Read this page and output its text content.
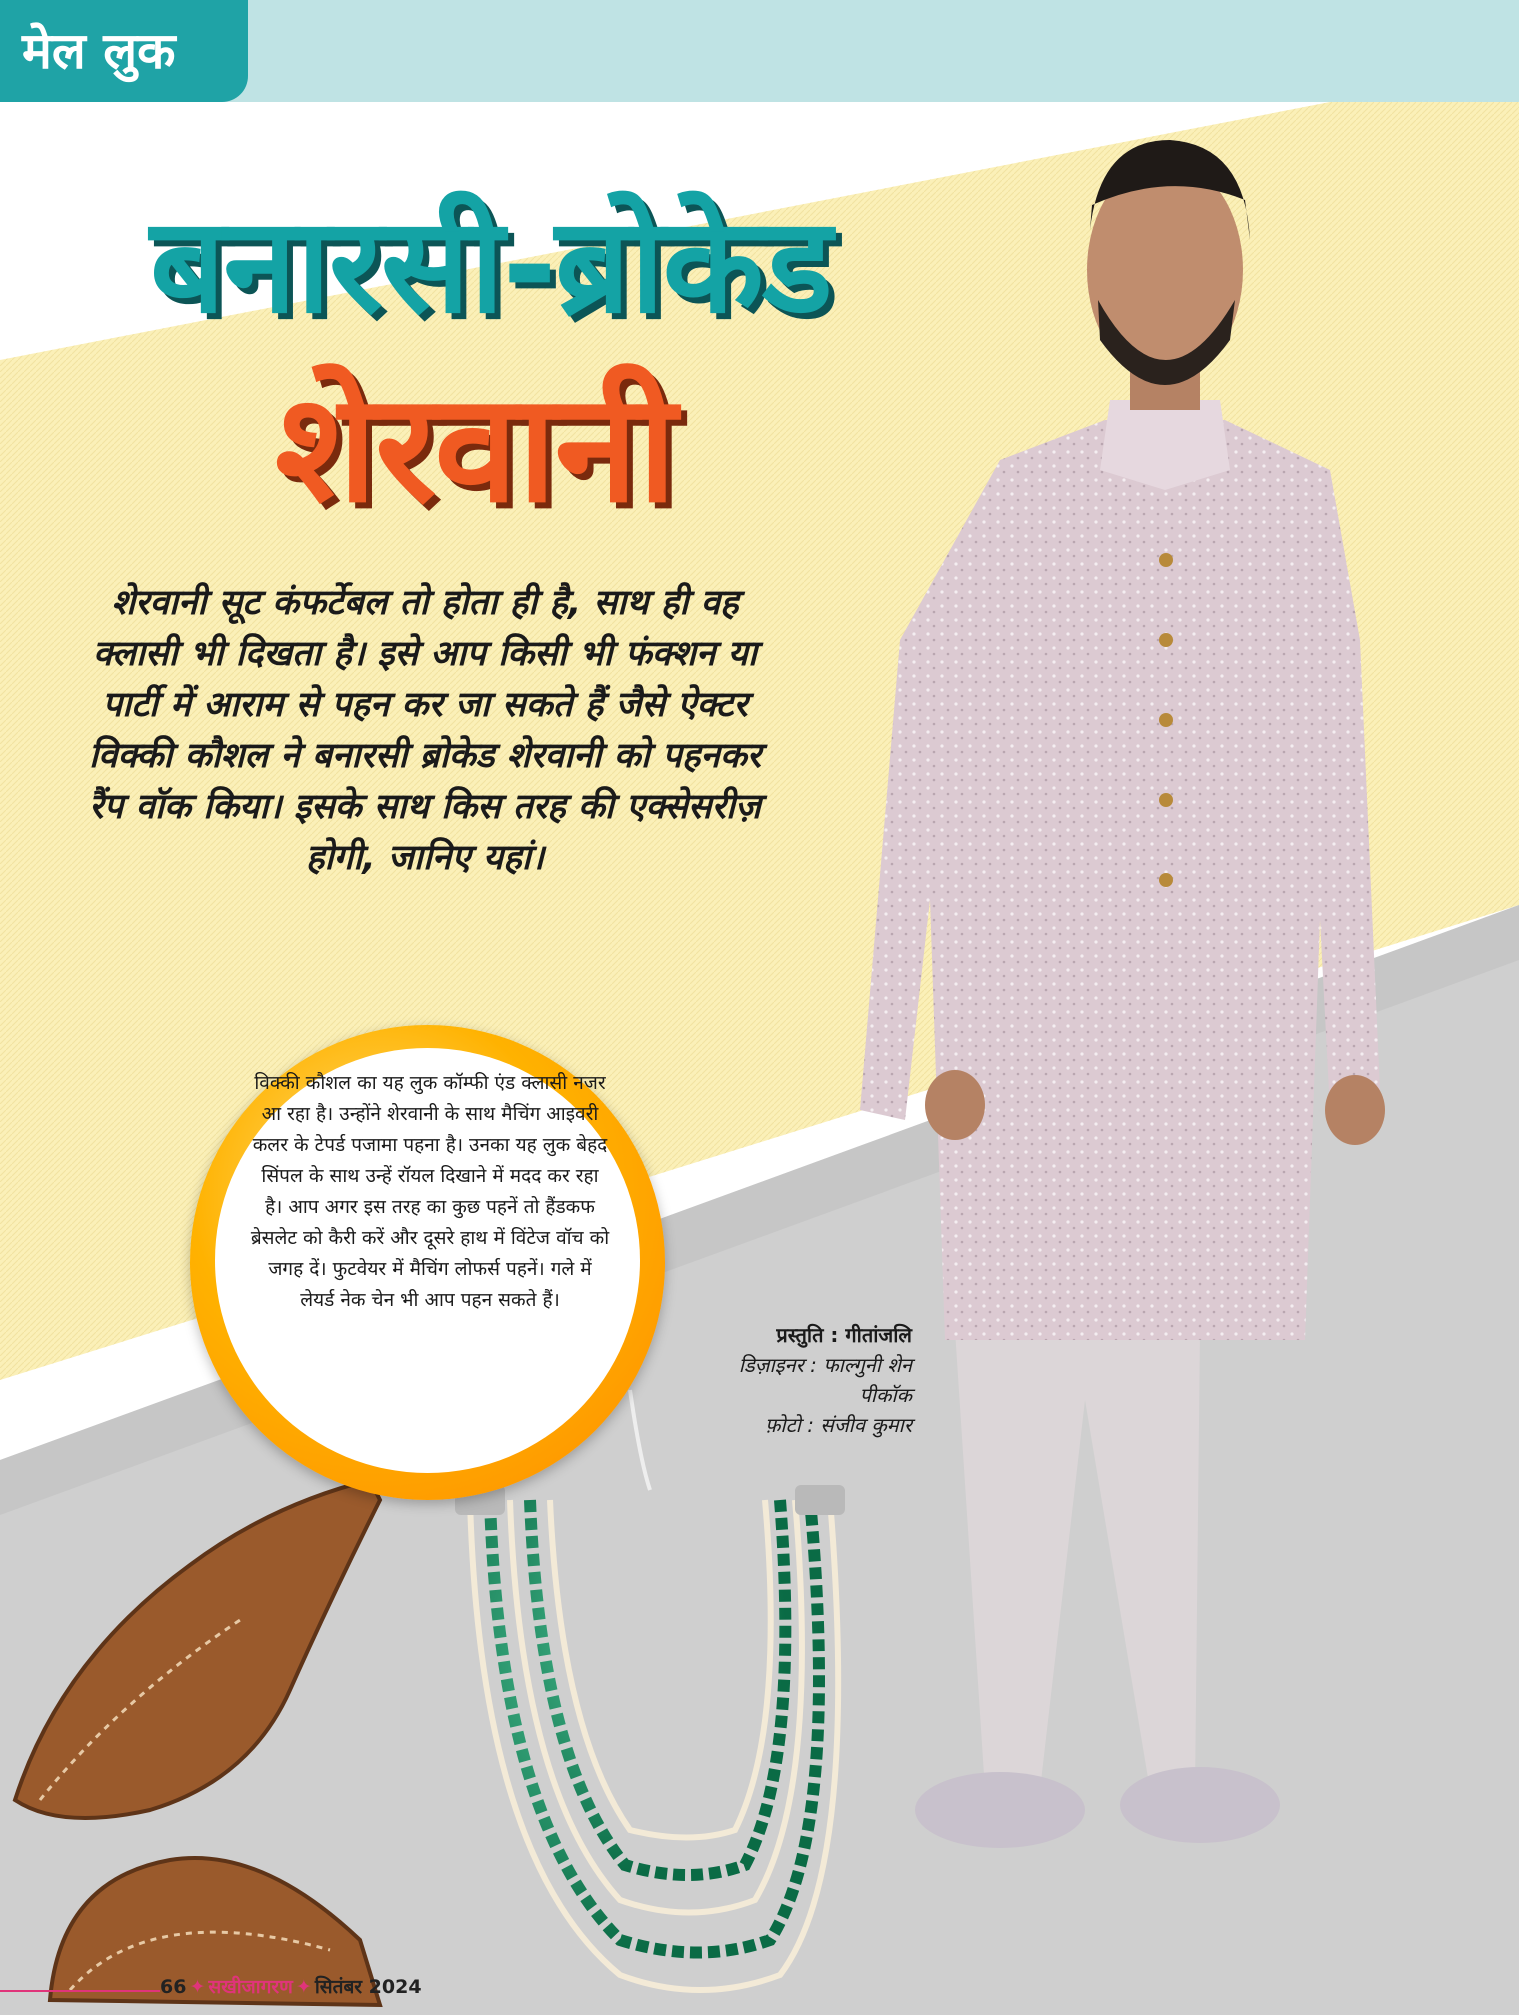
मेल लुक
बनारसी-ब्रोकेड
शेरवानी
शेरवानी सूट कंफर्टेबल तो होता ही है, साथ ही वह क्लासी भी दिखता है। इसे आप किसी भी फंक्शन या पार्टी में आराम से पहन कर जा सकते हैं जैसे ऐक्टर विक्की कौशल ने बनारसी ब्रोकेड शेरवानी को पहनकर रैंप वॉक किया। इसके साथ किस तरह की एक्सेसरीज़ होगी, जानिए यहां।
विक्की कौशल का यह लुक कॉम्फी एंड क्लासी नजर आ रहा है। उन्होंने शेरवानी के साथ मैचिंग आइवरी कलर के टेपर्ड पजामा पहना है। उनका यह लुक बेहद सिंपल के साथ उन्हें रॉयल दिखाने में मदद कर रहा है। आप अगर इस तरह का कुछ पहनें तो हैंडकफ ब्रेसलेट को कैरी करें और दूसरे हाथ में विंटेज वॉच को जगह दें। फुटवेयर में मैचिंग लोफर्स पहनें। गले में लेयर्ड नेक चेन भी आप पहन सकते हैं।
प्रस्तुति : गीतांजलि
डिज़ाइनर : फाल्गुनी शेन पीकॉक
फ़ोटो : संजीव कुमार
66 ✦ सखीजागरण ✦ सितंबर 2024
